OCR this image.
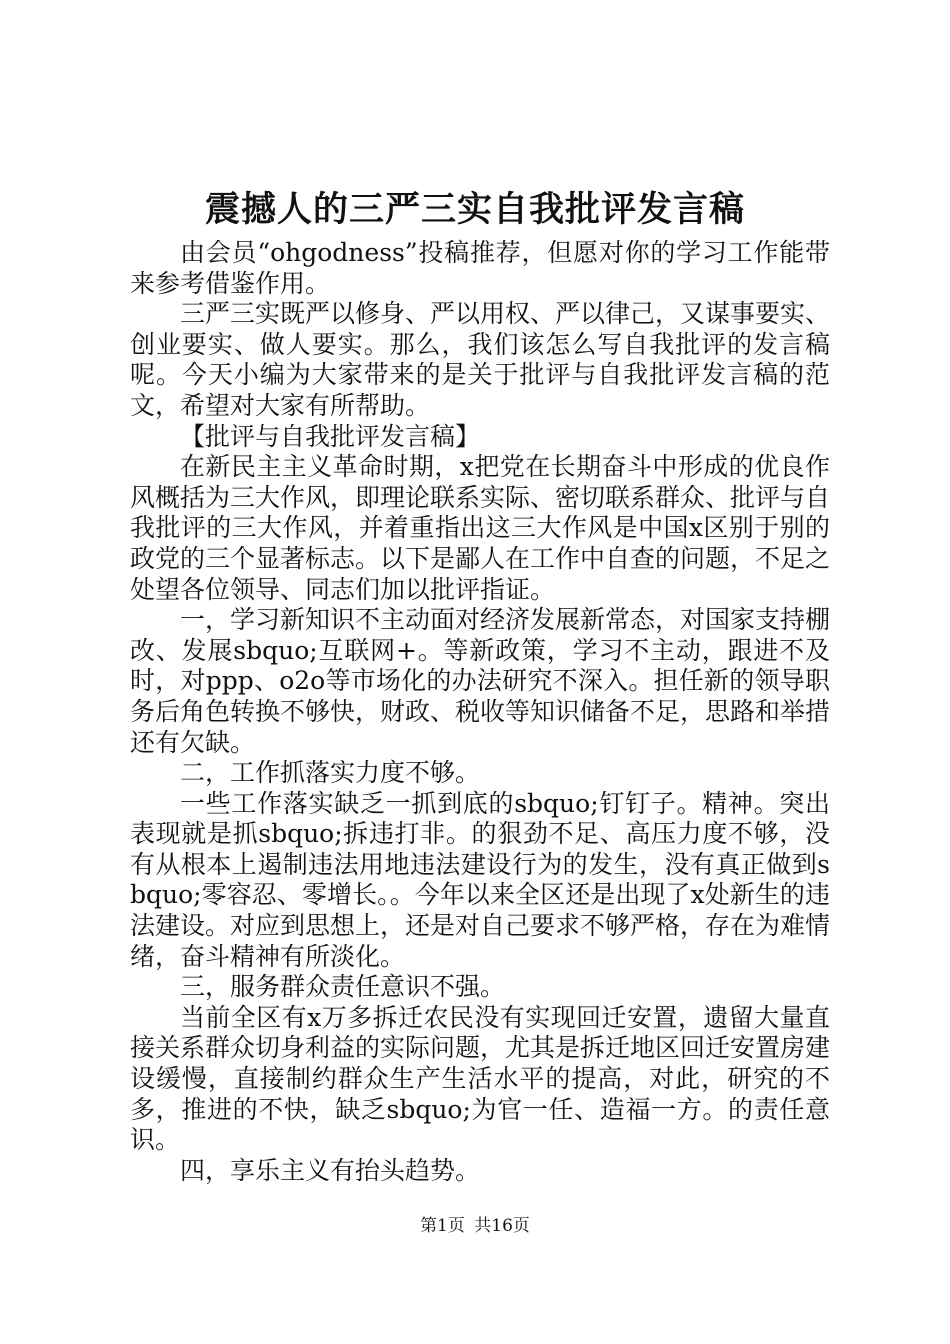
震撼人的三严三实自我批评发言稿

由会员“ohgodness”投稿推荐，但愿对你的学习工作能带来参考借鉴作用。

三严三实既严以修身、严以用权、严以律己，又谋事要实、创业要实、做人要实。那么，我们该怎么写自我批评的发言稿呢。今天小编为大家带来的是关于批评与自我批评发言稿的范文，希望对大家有所帮助。

【批评与自我批评发言稿】

在新民主主义革命时期，x把党在长期奋斗中形成的优良作风概括为三大作风，即理论联系实际、密切联系群众、批评与自我批评的三大作风，并着重指出这三大作风是中国x区别于别的政党的三个显著标志。以下是鄙人在工作中自查的问题，不足之处望各位领导、同志们加以批评指证。

一，学习新知识不主动面对经济发展新常态，对国家支持棚改、发展sbquo;互联网+。等新政策，学习不主动，跟进不及时，对ppp、o2o等市场化的办法研究不深入。担任新的领导职务后角色转换不够快，财政、税收等知识储备不足，思路和举措还有欠缺。

二，工作抓落实力度不够。

一些工作落实缺乏一抓到底的sbquo;钉钉子。精神。突出表现就是抓sbquo;拆违打非。的狠劲不足、高压力度不够，没有从根本上遏制违法用地违法建设行为的发生，没有真正做到sbquo;零容忍、零增长。。今年以来全区还是出现了x处新生的违法建设。对应到思想上，还是对自己要求不够严格，存在为难情绪，奋斗精神有所淡化。

三，服务群众责任意识不强。

当前全区有x万多拆迁农民没有实现回迁安置，遗留大量直接关系群众切身利益的实际问题，尤其是拆迁地区回迁安置房建设缓慢，直接制约群众生产生活水平的提高，对此，研究的不多，推进的不快，缺乏sbquo;为官一任、造福一方。的责任意识。

四，享乐主义有抬头趋势。

第1页 共16页
